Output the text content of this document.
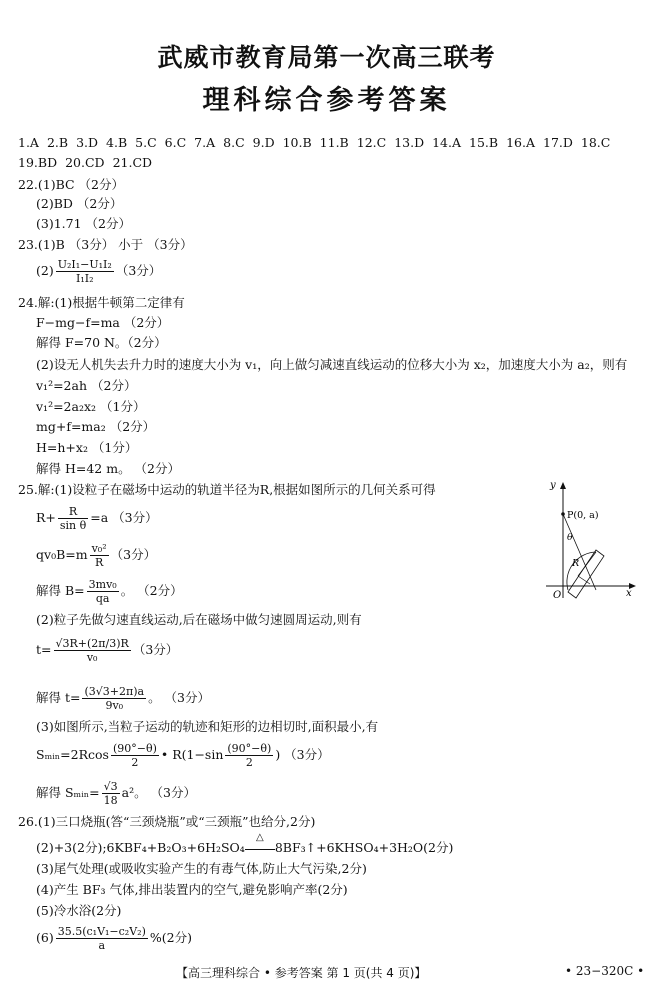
武威市教育局第一次高三联考
理科综合参考答案
1.A 2.B 3.D 4.B 5.C 6.C 7.A 8.C 9.D 10.B 11.B 12.C 13.D 14.A 15.B 16.A 17.D 18.C19.BD 20.CD 21.CD
22.(1)BC （2分）
(2)BD （2分）
(3)1.71 （2分）
23.(1)B （3分） 小于 （3分）
$(2) \frac{\text{U₂I₁−U₁I₂}}{\text{I₁I₂}} (3$分）
24.解:(1)根据牛顿第二定律有
F−mg−f=ma （2分）
解得 F=70 N。（2分）
(2)设无人机失去升力时的速度大小为 v₁，向上做匀减速直线运动的位移大小为 x₂，加速度大小为 a₂，则有
v₁²=2ah （2分）
v₁²=2a₂x₂ （1分）
mg+f=ma₂ （2分）
H=h+x₂ （1分）
解得 H=42 m。 （2分）
25.解:(1)设粒子在磁场中运动的轨道半径为R,根据如图所示的几何关系可得
$R+ \frac{R}{\text{sin θ}} =a$ （3分）
$qv_0B=m \frac{\text{v₀²}}{R} (3$分）
解得 $B= \frac{\text{3mv₀}}{qa}$ 。 （2分）
(2)粒子先做匀速直线运动,后在磁场中做匀速圆周运动,则有
$t= \frac{√3R+(2\pi/3)R}{\text{v₀}} (3$分）
解得 $t= \frac{(3√3+2\pi)a}{\text{9v₀}}$ 。 （3分）
(3)如图所示,当粒子运动的轨迹和矩形的边相切时,面积最小,有
Sₘᵢₙ=2Rcos $\frac{(90^\circ-\theta)}{2}$ • $R(1-\sin \frac{(90^\circ-\theta)}{2}$ ) （3分）
解得 Sₘᵢₙ= $\frac{√3}{18} a^2$。 （3分）
y
P(0, a)
θ
R
O	x
26.(1)三口烧瓶(答“三颈烧瓶”或“三颈瓶”也给分,2分)
(2)+3(2分);6KBF₄+B₂O₃+6H₂SO₄
△
8BF₃↑+6KHSO₄+3H₂O(2分)
(3)尾气处理(或吸收实验产生的有毒气体,防止大气污染,2分)
(4)产生 BF₃ 气体,排出装置内的空气,避免影响产率(2分)
(5)冷水浴(2分)
$(6) \frac{\text{35.5(c₁V₁−c₂V₂)}}{a} \%(2$分)
【高三理科综合 • 参考答案 第 1 页(共 4 页)】	• 23−320C •
